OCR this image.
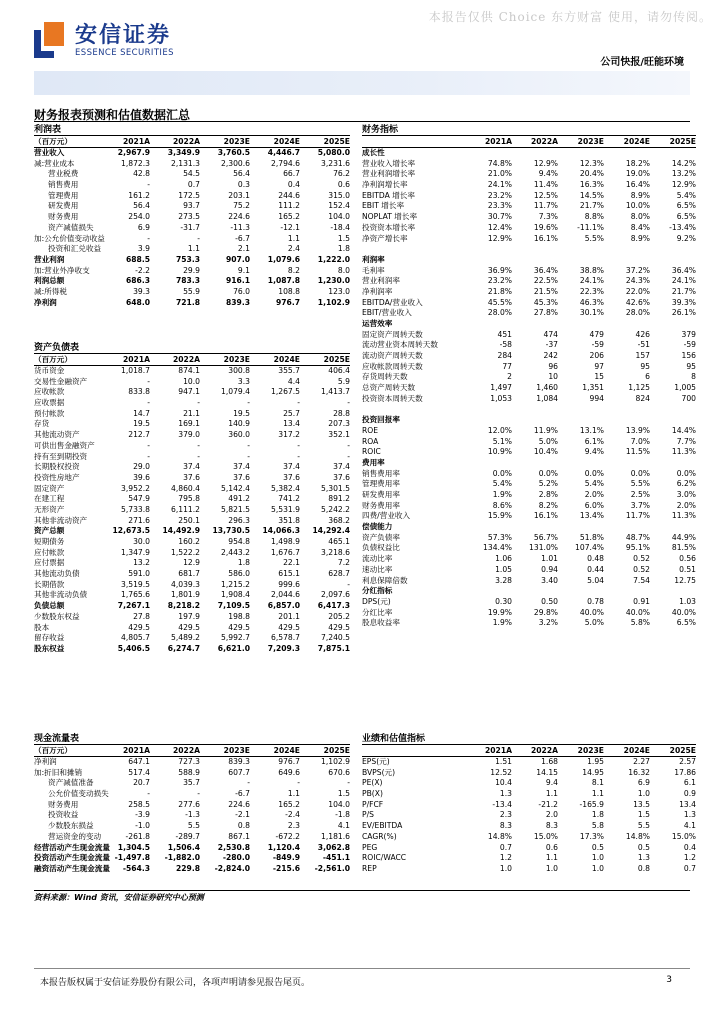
本报告仅供 Choice 东方财富 使用，请勿传阅。
安信证券
ESSENCE SECURITIES
公司快报/旺能环境
财务报表预测和估值数据汇总
利润表
（百万元）	2021A	2022A	2023E	2024E	2025E
营业收入	2,967.9	3,349.9	3,760.5	4,446.7	5,080.0
减:营业成本	1,872.3	2,131.3	2,300.6	2,794.6	3,231.6
营业税费	42.8	54.5	56.4	66.7	76.2
销售费用	-	0.7	0.3	0.4	0.6
管理费用	161.2	172.5	203.1	244.6	315.0
研发费用	56.4	93.7	75.2	111.2	152.4
财务费用	254.0	273.5	224.6	165.2	104.0
资产减值损失	6.9	-31.7	-11.3	-12.1	-18.4
加:公允价值变动收益	-	-	-6.7	1.1	1.5
投资和汇兑收益	3.9	1.1	2.1	2.4	1.8
营业利润	688.5	753.3	907.0	1,079.6	1,222.0
加:营业外净收支	-2.2	29.9	9.1	8.2	8.0
利润总额	686.3	783.3	916.1	1,087.8	1,230.0
减:所得税	39.3	55.9	76.0	108.8	123.0
净利润	648.0	721.8	839.3	976.7	1,102.9
资产负债表
（百万元）	2021A	2022A	2023E	2024E	2025E
货币资金	1,018.7	874.1	300.8	355.7	406.4
交易性金融资产	-	10.0	3.3	4.4	5.9
应收帐款	833.8	947.1	1,079.4	1,267.5	1,413.7
应收票据	-	-	-	-	-
预付帐款	14.7	21.1	19.5	25.7	28.8
存货	19.5	169.1	140.9	13.4	207.3
其他流动资产	212.7	379.0	360.0	317.2	352.1
可供出售金融资产	-	-	-	-	-
持有至到期投资	-	-	-	-	-
长期股权投资	29.0	37.4	37.4	37.4	37.4
投资性房地产	39.6	37.6	37.6	37.6	37.6
固定资产	3,952.2	4,860.4	5,142.4	5,382.4	5,301.5
在建工程	547.9	795.8	491.2	741.2	891.2
无形资产	5,733.8	6,111.2	5,821.5	5,531.9	5,242.2
其他非流动资产	271.6	250.1	296.3	351.8	368.2
资产总额	12,673.5	14,492.9	13,730.5	14,066.3	14,292.4
短期债务	30.0	160.2	954.8	1,498.9	465.1
应付帐款	1,347.9	1,522.2	2,443.2	1,676.7	3,218.6
应付票据	13.2	12.9	1.8	22.1	7.2
其他流动负债	591.0	681.7	586.0	615.1	628.7
长期借款	3,519.5	4,039.3	1,215.2	999.6	-
其他非流动负债	1,765.6	1,801.9	1,908.4	2,044.6	2,097.6
负债总额	7,267.1	8,218.2	7,109.5	6,857.0	6,417.3
少数股东权益	27.8	197.9	198.8	201.1	205.2
股本	429.5	429.5	429.5	429.5	429.5
留存收益	4,805.7	5,489.2	5,992.7	6,578.7	7,240.5
股东权益	5,406.5	6,274.7	6,621.0	7,209.3	7,875.1
财务指标
2021A	2022A	2023E	2024E	2025E
成长性
营业收入增长率	74.8%	12.9%	12.3%	18.2%	14.2%
营业利润增长率	21.0%	9.4%	20.4%	19.0%	13.2%
净利润增长率	24.1%	11.4%	16.3%	16.4%	12.9%
EBITDA 增长率	23.2%	12.5%	14.5%	8.9%	5.4%
EBIT 增长率	23.3%	11.7%	21.7%	10.0%	6.5%
NOPLAT 增长率	30.7%	7.3%	8.8%	8.0%	6.5%
投资资本增长率	12.4%	19.6%	-11.1%	8.4%	-13.4%
净资产增长率	12.9%	16.1%	5.5%	8.9%	9.2%
利润率
毛利率	36.9%	36.4%	38.8%	37.2%	36.4%
营业利润率	23.2%	22.5%	24.1%	24.3%	24.1%
净利润率	21.8%	21.5%	22.3%	22.0%	21.7%
EBITDA/营业收入	45.5%	45.3%	46.3%	42.6%	39.3%
EBIT/营业收入	28.0%	27.8%	30.1%	28.0%	26.1%
运营效率
固定资产周转天数	451	474	479	426	379
流动营业资本周转天数	-58	-37	-59	-51	-59
流动资产周转天数	284	242	206	157	156
应收帐款周转天数	77	96	97	95	95
存货周转天数	2	10	15	6	8
总资产周转天数	1,497	1,460	1,351	1,125	1,005
投资资本周转天数	1,053	1,084	994	824	700
投资回报率
ROE	12.0%	11.9%	13.1%	13.9%	14.4%
ROA	5.1%	5.0%	6.1%	7.0%	7.7%
ROIC	10.9%	10.4%	9.4%	11.5%	11.3%
费用率
销售费用率	0.0%	0.0%	0.0%	0.0%	0.0%
管理费用率	5.4%	5.2%	5.4%	5.5%	6.2%
研发费用率	1.9%	2.8%	2.0%	2.5%	3.0%
财务费用率	8.6%	8.2%	6.0%	3.7%	2.0%
四费/营业收入	15.9%	16.1%	13.4%	11.7%	11.3%
偿债能力
资产负债率	57.3%	56.7%	51.8%	48.7%	44.9%
负债权益比	134.4%	131.0%	107.4%	95.1%	81.5%
流动比率	1.06	1.01	0.48	0.52	0.56
速动比率	1.05	0.94	0.44	0.52	0.51
利息保障倍数	3.28	3.40	5.04	7.54	12.75
分红指标
DPS(元)	0.30	0.50	0.78	0.91	1.03
分红比率	19.9%	29.8%	40.0%	40.0%	40.0%
股息收益率	1.9%	3.2%	5.0%	5.8%	6.5%
现金流量表
（百万元）	2021A	2022A	2023E	2024E	2025E
净利润	647.1	727.3	839.3	976.7	1,102.9
加:折旧和摊销	517.4	588.9	607.7	649.6	670.6
资产减值准备	20.7	35.7	-	-	-
公允价值变动损失	-	-	-6.7	1.1	1.5
财务费用	258.5	277.6	224.6	165.2	104.0
投资收益	-3.9	-1.3	-2.1	-2.4	-1.8
少数股东损益	-1.0	5.5	0.8	2.3	4.1
营运资金的变动	-261.8	-289.7	867.1	-672.2	1,181.6
经营活动产生现金流量	1,304.5	1,506.4	2,530.8	1,120.4	3,062.8
投资活动产生现金流量 -1,497.8	-1,882.0	-280.0	-849.9	-451.1
融资活动产生现金流量	-564.3	229.8	-2,824.0	-215.6	-2,561.0
业绩和估值指标
2021A	2022A	2023E	2024E	2025E
EPS(元)	1.51	1.68	1.95	2.27	2.57
BVPS(元)	12.52	14.15	14.95	16.32	17.86
PE(X)	10.4	9.4	8.1	6.9	6.1
PB(X)	1.3	1.1	1.1	1.0	0.9
P/FCF	-13.4	-21.2	-165.9	13.5	13.4
P/S	2.3	2.0	1.8	1.5	1.3
EV/EBITDA	8.3	8.3	5.8	5.5	4.1
CAGR(%)	14.8%	15.0%	17.3%	14.8%	15.0%
PEG	0.7	0.6	0.5	0.5	0.4
ROIC/WACC	1.2	1.1	1.0	1.3	1.2
REP	1.0	1.0	1.0	0.8	0.7
资料来源：Wind 资讯，安信证券研究中心预测
本报告版权属于安信证券股份有限公司，各项声明请参见报告尾页。	3
